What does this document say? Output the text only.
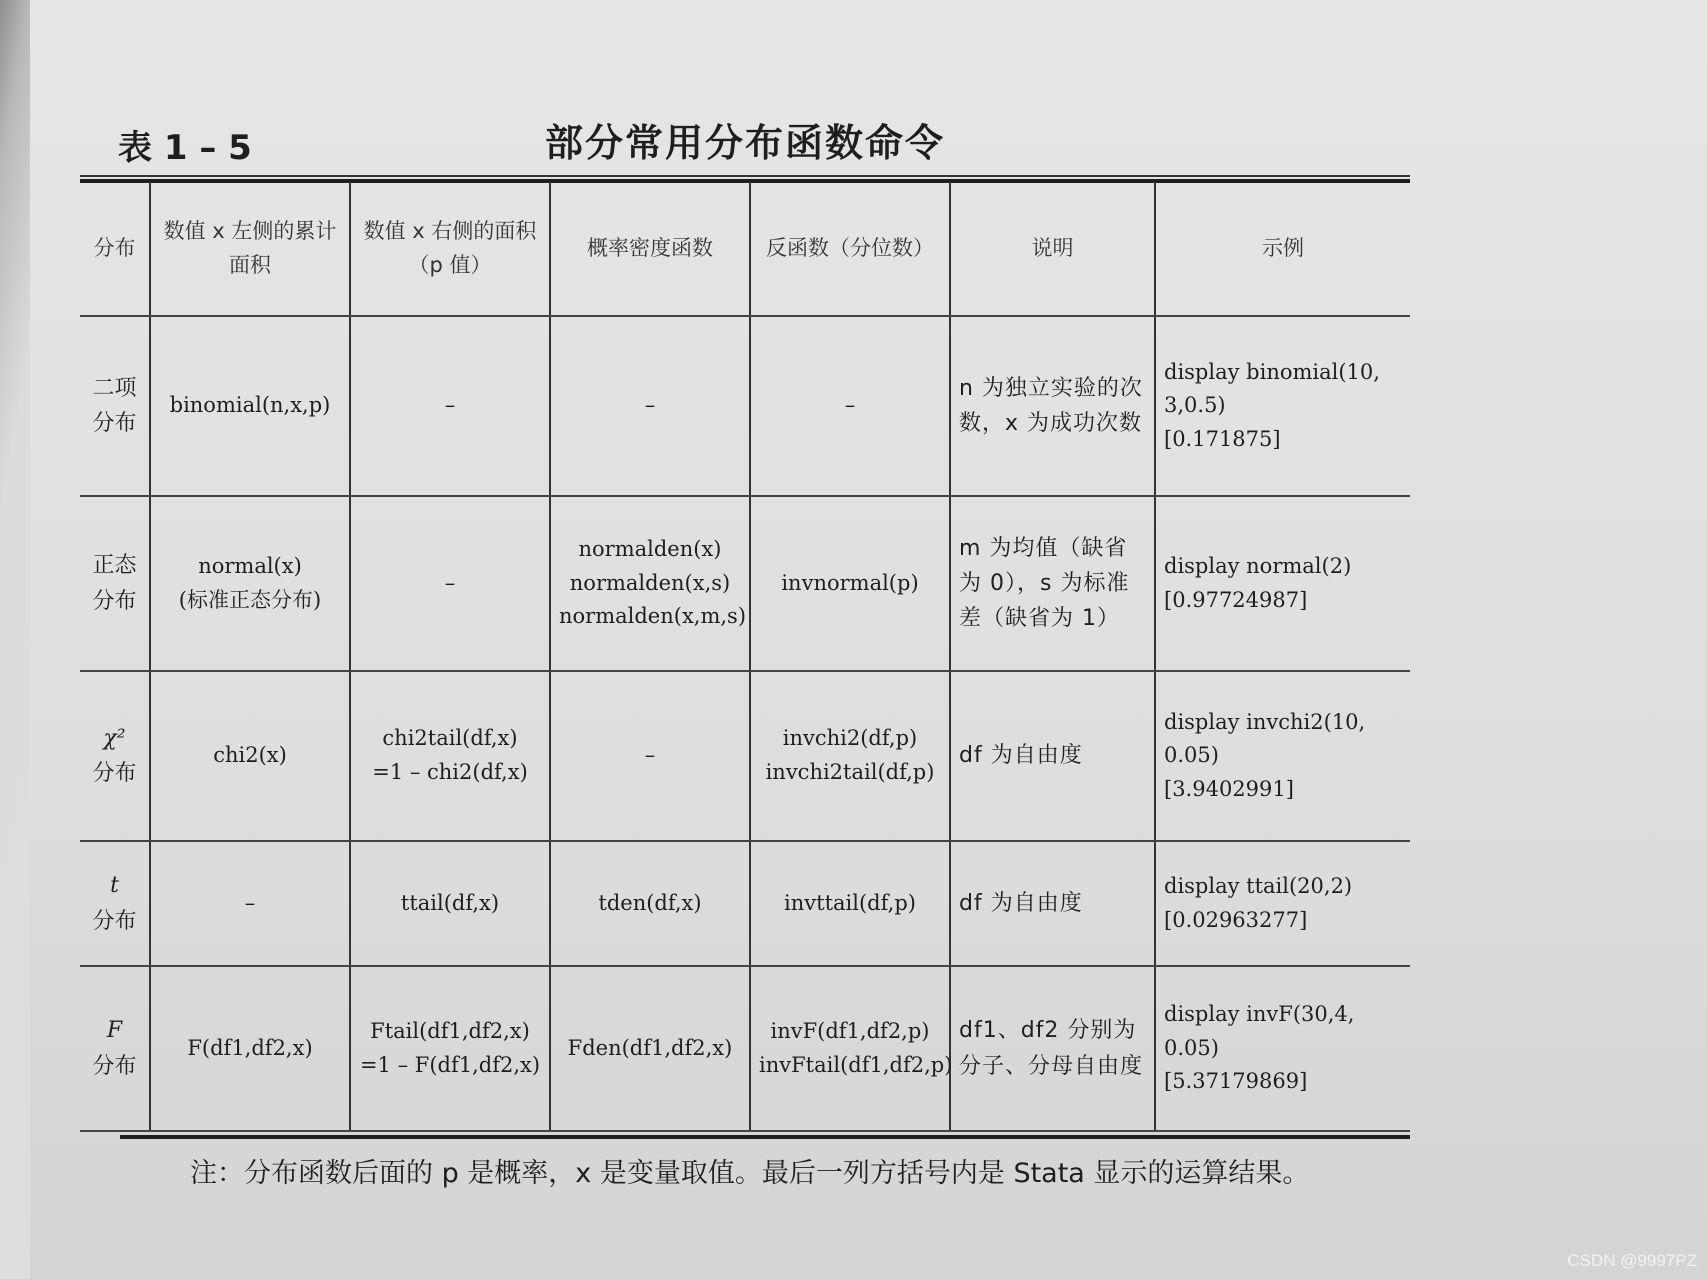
表 1 – 5	部分常用分布函数命令
分布	数值 x 左侧的累计面积	数值 x 右侧的面积（p 值）	概率密度函数	反函数（分位数）	说明	示例
二项分布	binomial(n,x,p)	–	–	–	n 为独立实验的次数，x 为成功次数	display binomial(10,
3,0.5)
[0.171875]

正态分布	normal(x)
(标准正态分布)	–	normalden(x)
normalden(x,s)
normalden(x,m,s)	invnormal(p)	m 为均值（缺省为 0），s 为标准差（缺省为 1）	display normal(2)
[0.97724987]

χ²
分布	chi2(x)	chi2tail(df,x)
=1 – chi2(df,x)	–	invchi2(df,p)
invchi2tail(df,p)	df 为自由度	display invchi2(10,
0.05)
[3.9402991]

t
分布	–	ttail(df,x)	tden(df,x)	invttail(df,p)	df 为自由度	display ttail(20,2)
[0.02963277]

F
分布	F(df1,df2,x)	Ftail(df1,df2,x)
=1 – F(df1,df2,x)	Fden(df1,df2,x)	invF(df1,df2,p)
invFtail(df1,df2,p)	df1、df2 分别为分子、分母自由度	display invF(30,4,
0.05)
[5.37179869]
注：分布函数后面的 p 是概率，x 是变量取值。最后一列方括号内是 Stata 显示的运算结果。
CSDN @9997PZ
